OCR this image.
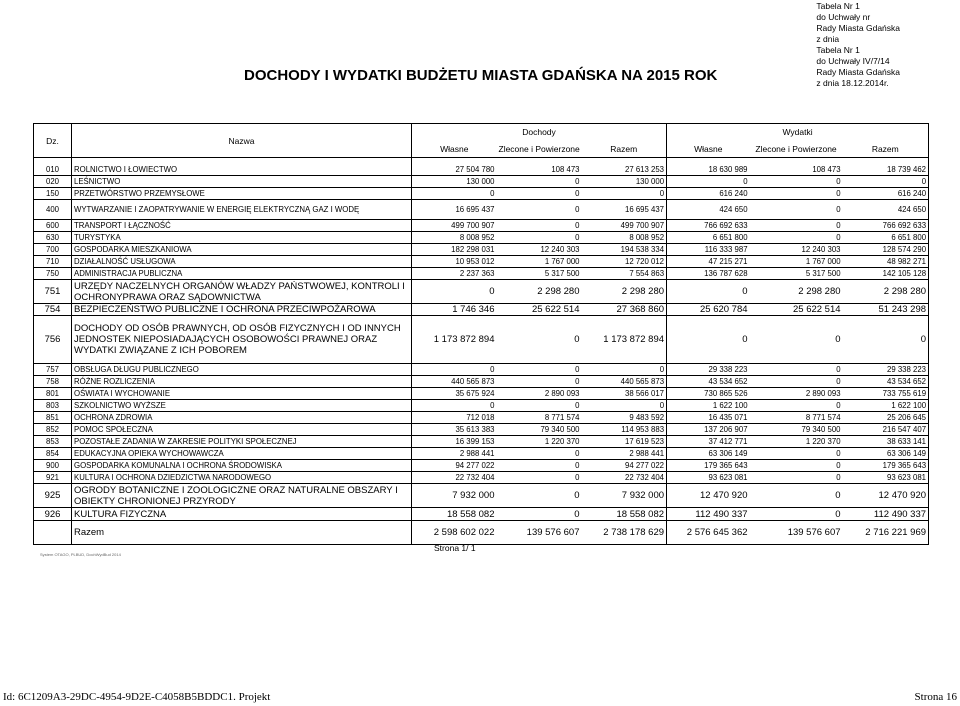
Tabela Nr 1
do Uchwały nr
Rady Miasta Gdańska
z dnia
Tabela Nr 1
do Uchwały IV/7/14
Rady Miasta Gdańska
z dnia 18.12.2014r.
DOCHODY I WYDATKI BUDŻETU MIASTA GDAŃSKA NA 2015 ROK
Dz.	Nazwa	Dochody			Wydatki		
		Własne	Zlecone i Powierzone	Razem	Własne	Zlecone i Powierzone	Razem

010	ROLNICTWO I ŁOWIECTWO	27 504 780	108 473	27 613 253	18 630 989	108 473	18 739 462
020	LEŚNICTWO	130 000	0	130 000	0	0	0
150	PRZETWÓRSTWO PRZEMYSŁOWE	0	0	0	616 240	0	616 240
400	WYTWARZANIE I ZAOPATRYWANIE W ENERGIĘ ELEKTRYCZNĄ GAZ I WODĘ	16 695 437	0	16 695 437	424 650	0	424 650
600	TRANSPORT I ŁĄCZNOŚĆ	499 700 907	0	499 700 907	766 692 633	0	766 692 633
630	TURYSTYKA	8 008 952	0	8 008 952	6 651 800	0	6 651 800
700	GOSPODARKA MIESZKANIOWA	182 298 031	12 240 303	194 538 334	116 333 987	12 240 303	128 574 290
710	DZIAŁALNOŚĆ USŁUGOWA	10 953 012	1 767 000	12 720 012	47 215 271	1 767 000	48 982 271
750	ADMINISTRACJA PUBLICZNA	2 237 363	5 317 500	7 554 863	136 787 628	5 317 500	142 105 128
751	URZĘDY NACZELNYCH ORGANÓW WŁADZY PAŃSTWOWEJ, KONTROLI I OCHRONYPRAWA ORAZ SĄDOWNICTWA	0	2 298 280	2 298 280	0	2 298 280	2 298 280
754	BEZPIECZEŃSTWO PUBLICZNE I OCHRONA PRZECIWPOŻAROWA	1 746 346	25 622 514	27 368 860	25 620 784	25 622 514	51 243 298
756	DOCHODY OD OSÓB PRAWNYCH, OD OSÓB FIZYCZNYCH I OD INNYCH JEDNOSTEK NIEPOSIADAJĄCYCH OSOBOWOŚCI PRAWNEJ ORAZ WYDATKI ZWIĄZANE Z ICH POBOREM	1 173 872 894	0	1 173 872 894	0	0	0
757	OBSŁUGA DŁUGU PUBLICZNEGO	0	0	0	29 338 223	0	29 338 223
758	RÓŻNE ROZLICZENIA	440 565 873	0	440 565 873	43 534 652	0	43 534 652
801	OŚWIATA I WYCHOWANIE	35 675 924	2 890 093	38 566 017	730 865 526	2 890 093	733 755 619
803	SZKOLNICTWO WYŻSZE	0	0	0	1 622 100	0	1 622 100
851	OCHRONA ZDROWIA	712 018	8 771 574	9 483 592	16 435 071	8 771 574	25 206 645
852	POMOC SPOŁECZNA	35 613 383	79 340 500	114 953 883	137 206 907	79 340 500	216 547 407
853	POZOSTAŁE ZADANIA W ZAKRESIE POLITYKI SPOŁECZNEJ	16 399 153	1 220 370	17 619 523	37 412 771	1 220 370	38 633 141
854	EDUKACYJNA OPIEKA WYCHOWAWCZA	2 988 441	0	2 988 441	63 306 149	0	63 306 149
900	GOSPODARKA KOMUNALNA I OCHRONA ŚRODOWISKA	94 277 022	0	94 277 022	179 365 643	0	179 365 643
921	KULTURA I OCHRONA DZIEDZICTWA NARODOWEGO	22 732 404	0	22 732 404	93 623 081	0	93 623 081
925	OGRODY BOTANICZNE I ZOOLOGICZNE ORAZ NATURALNE OBSZARY I OBIEKTY CHRONIONEJ PRZYRODY	7 932 000	0	7 932 000	12 470 920	0	12 470 920
926	KULTURA FIZYCZNA	18 558 082	0	18 558 082	112 490 337	0	112 490 337
	Razem	2 598 602 022	139 576 607	2 738 178 629	2 576 645 362	139 576 607	2 716 221 969
Strona 1/ 1
System OTAGO, PLBUD, DochWydBud 2014
Id: 6C1209A3-29DC-4954-9D2E-C4058B5BDDC1. Projekt	Strona 16
